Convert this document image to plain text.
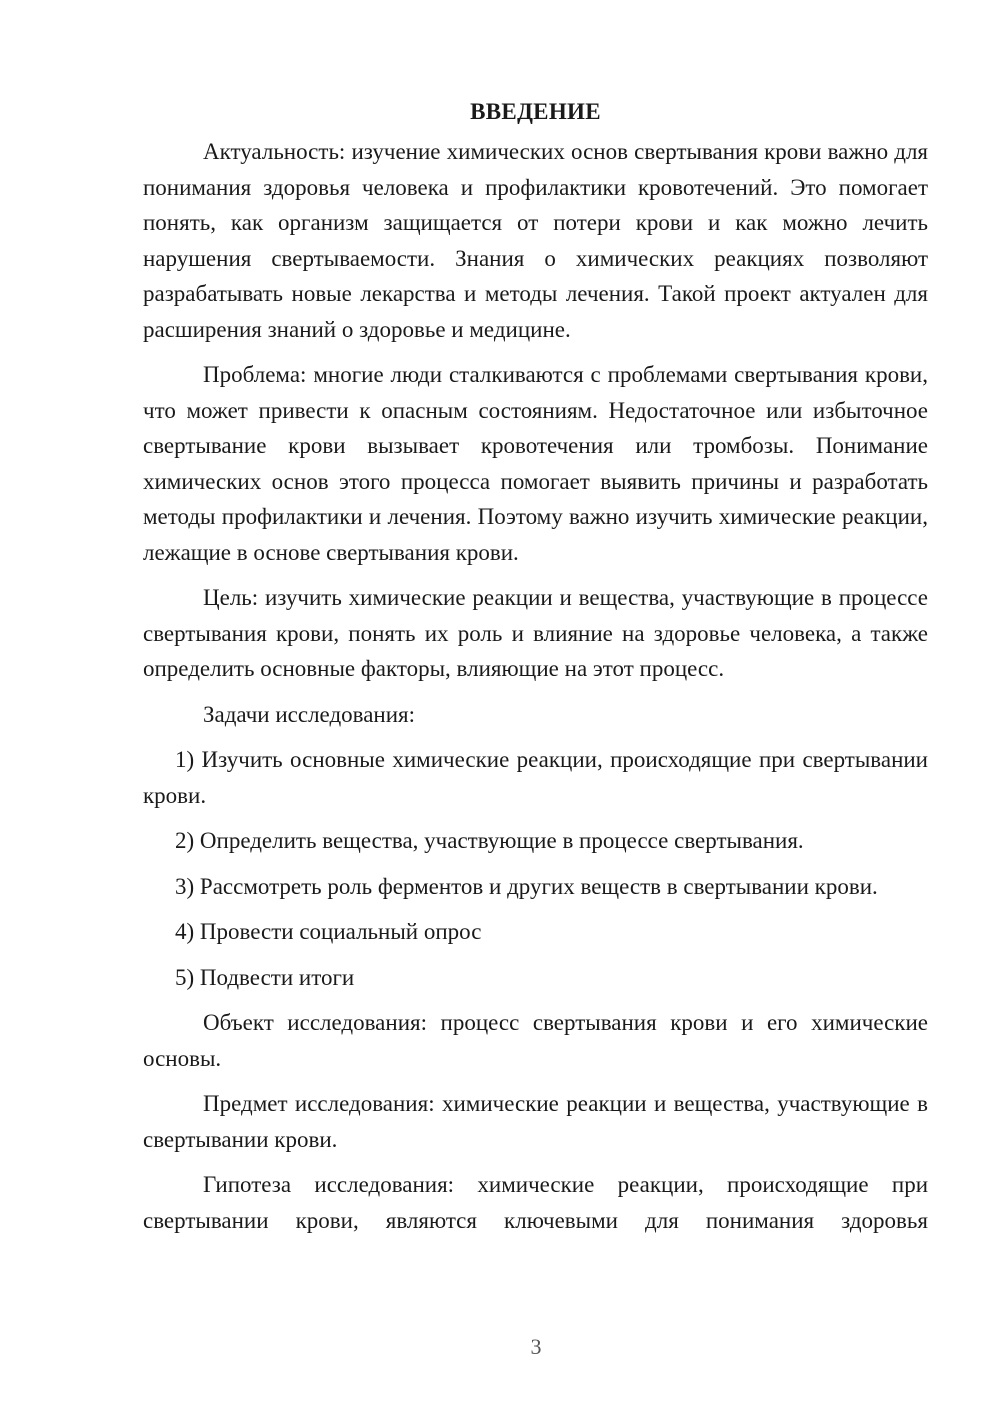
ВВЕДЕНИЕ

Актуальность: изучение химических основ свертывания крови важно для понимания здоровья человека и профилактики кровотечений. Это помогает понять, как организм защищается от потери крови и как можно лечить нарушения свертываемости. Знания о химических реакциях позволяют разрабатывать новые лекарства и методы лечения. Такой проект актуален для расширения знаний о здоровье и медицине.

Проблема: многие люди сталкиваются с проблемами свертывания крови, что может привести к опасным состояниям. Недостаточное или избыточное свертывание крови вызывает кровотечения или тромбозы. Понимание химических основ этого процесса помогает выявить причины и разработать методы профилактики и лечения. Поэтому важно изучить химические реакции, лежащие в основе свертывания крови.

Цель: изучить химические реакции и вещества, участвующие в процессе свертывания крови, понять их роль и влияние на здоровье человека, а также определить основные факторы, влияющие на этот процесс.

Задачи исследования:

1) Изучить основные химические реакции, происходящие при свертывании крови.

2) Определить вещества, участвующие в процессе свертывания.

3) Рассмотреть роль ферментов и других веществ в свертывании крови.

4) Провести социальный опрос

5) Подвести итоги

Объект исследования: процесс свертывания крови и его химические основы.

Предмет исследования: химические реакции и вещества, участвующие в свертывании крови.

Гипотеза исследования: химические реакции, происходящие при свертывании крови, являются ключевыми для понимания здоровья

3
